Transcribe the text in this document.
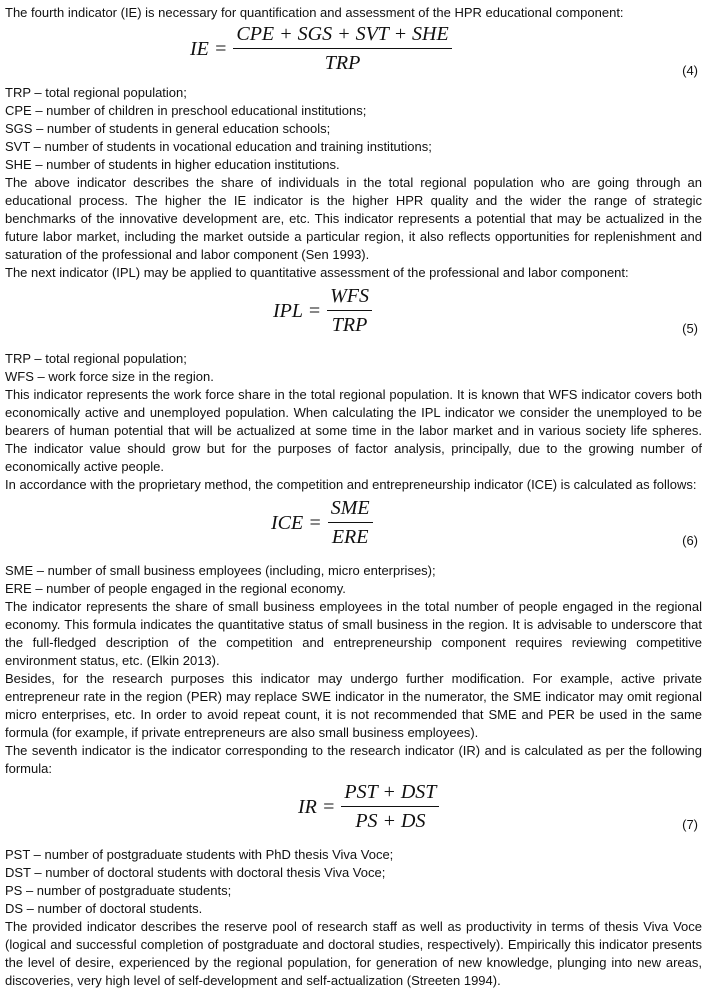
The fourth indicator (IE) is necessary for quantification and assessment of the HPR educational component:

IE = $\frac{\text{CPE + SGS + SVT + SHE}}{\text{TRP}}$	(4)

TRP – total regional population;

CPE – number of children in preschool educational institutions;

SGS – number of students in general education schools;

SVT – number of students in vocational education and training institutions;

SHE – number of students in higher education institutions.

The above indicator describes the share of individuals in the total regional population who are going through an educational process. The higher the IE indicator is the higher HPR quality and the wider the range of strategic benchmarks of the innovative development are, etc. This indicator represents a potential that may be actualized in the future labor market, including the market outside a particular region, it also reflects opportunities for replenishment and saturation of the professional and labor component (Sen 1993).

The next indicator (IPL) may be applied to quantitative assessment of the professional and labor component:

IPL = $\frac{\text{WFS}}{\text{TRP}}$	(5)

TRP – total regional population;

WFS – work force size in the region.

This indicator represents the work force share in the total regional population. It is known that WFS indicator covers both economically active and unemployed population. When calculating the IPL indicator we consider the unemployed to be bearers of human potential that will be actualized at some time in the labor market and in various society life spheres. The indicator value should grow but for the purposes of factor analysis, principally, due to the growing number of economically active people.

In accordance with the proprietary method, the competition and entrepreneurship indicator (ICE) is calculated as follows:

ICE = $\frac{\text{SME}}{\text{ERE}}$	(6)

SME – number of small business employees (including, micro enterprises);

ERE – number of people engaged in the regional economy.

The indicator represents the share of small business employees in the total number of people engaged in the regional economy. This formula indicates the quantitative status of small business in the region. It is advisable to underscore that the full-fledged description of the competition and entrepreneurship component requires reviewing competitive environment status, etc. (Elkin 2013).

Besides, for the research purposes this indicator may undergo further modification. For example, active private entrepreneur rate in the region (PER) may replace SWE indicator in the numerator, the SME indicator may omit regional micro enterprises, etc. In order to avoid repeat count, it is not recommended that SME and PER be used in the same formula (for example, if private entrepreneurs are also small business employees).

The seventh indicator is the indicator corresponding to the research indicator (IR) and is calculated as per the following formula:

IR = $\frac{\text{PST + DST}}{PS + DS}$	(7)

PST – number of postgraduate students with PhD thesis Viva Voce;

DST – number of doctoral students with doctoral thesis Viva Voce;

PS – number of postgraduate students;

DS – number of doctoral students.

The provided indicator describes the reserve pool of research staff as well as productivity in terms of thesis Viva Voce (logical and successful completion of postgraduate and doctoral studies, respectively). Empirically this indicator presents the level of desire, experienced by the regional population, for generation of new knowledge, plunging into new areas, discoveries, very high level of self-development and self-actualization (Streeten 1994).
